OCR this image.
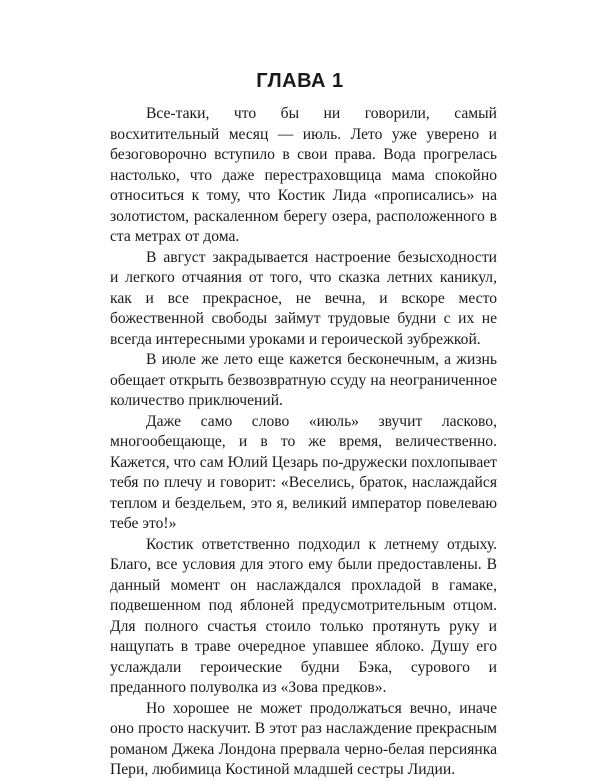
ГЛАВА 1

Все-таки, что бы ни говорили, самый восхитительный месяц — июль. Лето уже уверено и безоговорочно вступило в свои права. Вода прогрелась настолько, что даже перестраховщица мама спокойно относиться к тому, что Костик Лида «прописались» на золотистом, раскаленном берегу озера, расположенного в ста метрах от дома.

В август закрадывается настроение безысходности и легкого отчаяния от того, что сказка летних каникул, как и все прекрасное, не вечна, и вскоре место божественной свободы займут трудовые будни с их не всегда интересными уроками и героической зубрежкой.

В июле же лето еще кажется бесконечным, а жизнь обещает открыть безвозвратную ссуду на неограниченное количество приключений.

Даже само слово «июль» звучит ласково, многообещающе, и в то же время, величественно. Кажется, что сам Юлий Цезарь по-дружески похлопывает тебя по плечу и говорит: «Веселись, браток, наслаждайся теплом и бездельем, это я, великий император повелеваю тебе это!»

Костик ответственно подходил к летнему отдыху. Благо, все условия для этого ему были предоставлены. В данный момент он наслаждался прохладой в гамаке, подвешенном под яблоней предусмотрительным отцом. Для полного счастья стоило только протянуть руку и нащупать в траве очередное упавшее яблоко. Душу его услаждали героические будни Бэка, сурового и преданного полуволка из «Зова предков».

Но хорошее не может продолжаться вечно, иначе оно просто наскучит. В этот раз наслаждение прекрасным романом Джека Лондона прервала черно-белая персиянка Пери, любимица Костиной младшей сестры Лидии.
